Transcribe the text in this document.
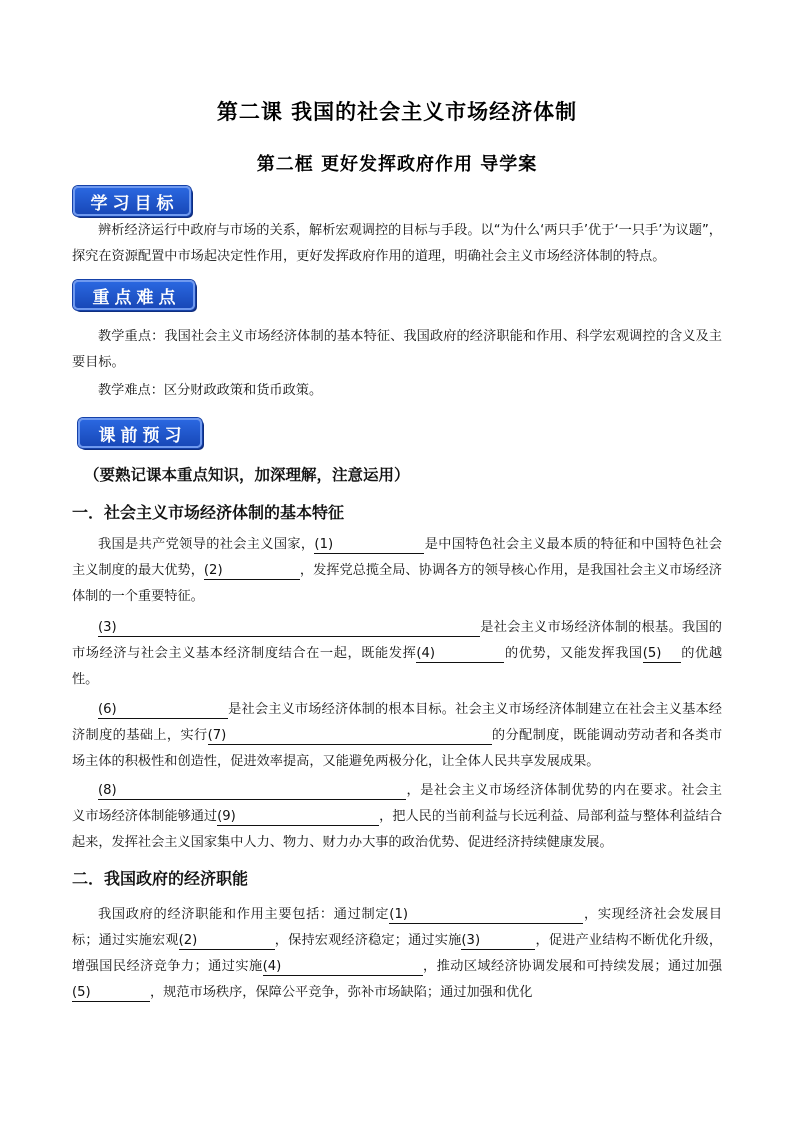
第二课 我国的社会主义市场经济体制
第二框 更好发挥政府作用 导学案
学习目标

辨析经济运行中政府与市场的关系，解析宏观调控的目标与手段。以“为什么‘两只手’优于‘一只手’为议题”，探究在资源配置中市场起决定性作用，更好发挥政府作用的道理，明确社会主义市场经济体制的特点。

重点难点

教学重点：我国社会主义市场经济体制的基本特征、我国政府的经济职能和作用、科学宏观调控的含义及主要目标。

教学难点：区分财政政策和货币政策。

课前预习

（要熟记课本重点知识，加深理解，注意运用）

一．社会主义市场经济体制的基本特征

我国是共产党领导的社会主义国家，(1)	是中国特色社会主义最本质的特征和中国特色社会主义制度的最大优势，(2)	，发挥党总揽全局、协调各方的领导核心作用，是我国社会主义市场经济体制的一个重要特征。

(3)	是社会主义市场经济体制的根基。我国的市场经济与社会主义基本经济制度结合在一起，既能发挥(4)	的优势，又能发挥我国(5) 的优越性。

(6)	是社会主义市场经济体制的根本目标。社会主义市场经济体制建立在社会主义基本经济制度的基础上，实行(7)	的分配制度，既能调动劳动者和各类市场主体的积极性和创造性，促进效率提高，又能避免两极分化，让全体人民共享发展成果。

(8)	，是社会主义市场经济体制优势的内在要求。社会主义市场经济体制能够通过(9)	，把人民的当前利益与长远利益、局部利益与整体利益结合起来，发挥社会主义国家集中人力、物力、财力办大事的政治优势、促进经济持续健康发展。

二．我国政府的经济职能

我国政府的经济职能和作用主要包括：通过制定(1)	，实现经济社会发展目标；通过实施宏观(2)	，保持宏观经济稳定；通过实施(3)	，促进产业结构不断优化升级，增强国民经济竞争力；通过实施(4)	，推动区域经济协调发展和可持续发展；通过加强(5)	，规范市场秩序，保障公平竞争，弥补市场缺陷；通过加强和优化
